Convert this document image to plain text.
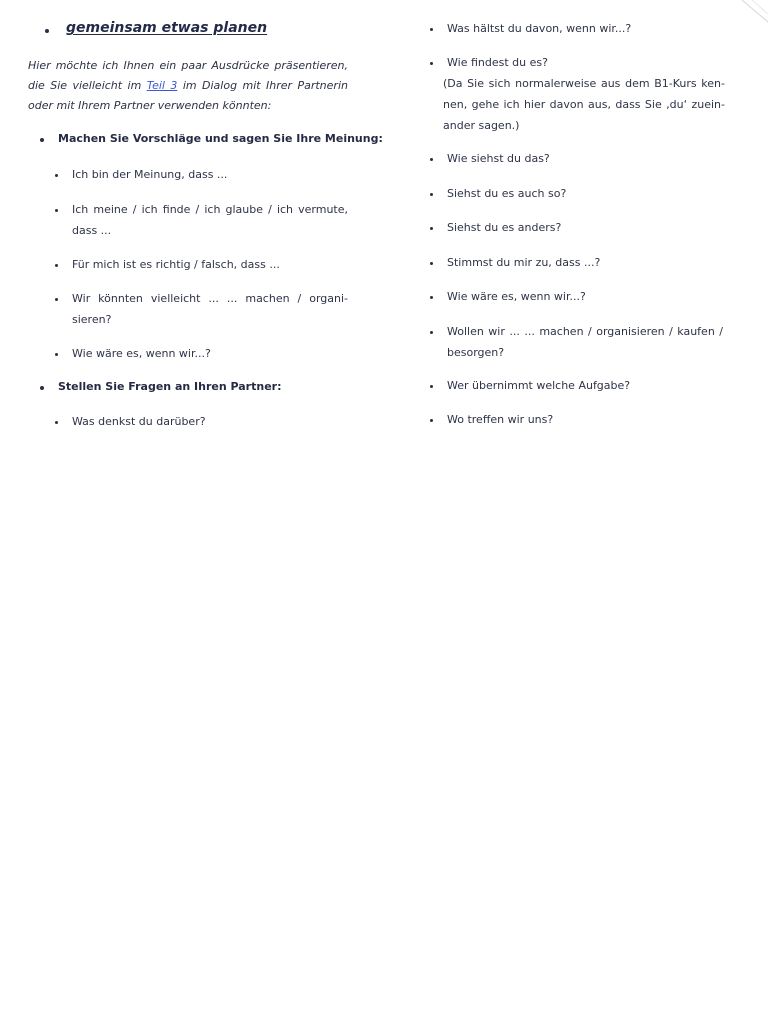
gemeinsam etwas planen
Hier möchte ich Ihnen ein paar Ausdrücke präsentieren, die Sie vielleicht im Teil 3 im Dialog mit Ihrer Partnerin oder mit Ihrem Partner verwenden könnten:
Machen Sie Vorschläge und sagen Sie Ihre Meinung:
Ich bin der Meinung, dass ...
Ich meine / ich finde / ich glaube / ich vermute, dass ...
Für mich ist es richtig / falsch, dass ...
Wir könnten vielleicht ... ... machen / organi-sieren?
Wie wäre es, wenn wir...?
Stellen Sie Fragen an Ihren Partner:
Was denkst du darüber?
Was hältst du davon, wenn wir...?
Wie findest du es?
(Da Sie sich normalerweise aus dem B1-Kurs ken-nen, gehe ich hier davon aus, dass Sie ‚du‘ zuein-ander sagen.)
Wie siehst du das?
Siehst du es auch so?
Siehst du es anders?
Stimmst du mir zu, dass ...?
Wie wäre es, wenn wir...?
Wollen wir ... ... machen / organisieren / kaufen / besorgen?
Wer übernimmt welche Aufgabe?
Wo treffen wir uns?
